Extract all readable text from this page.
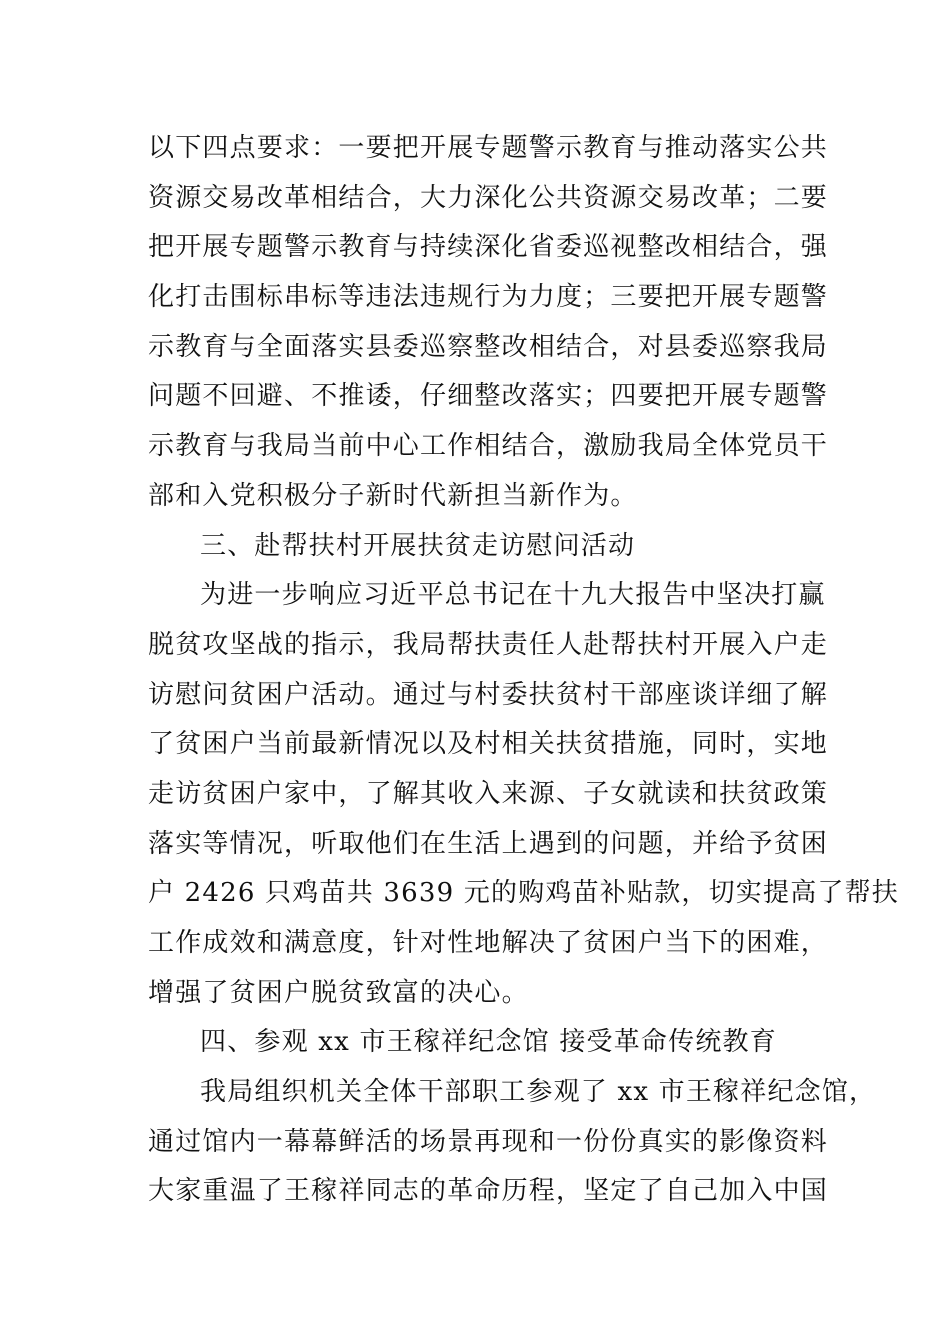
以下四点要求：一要把开展专题警示教育与推动落实公共
资源交易改革相结合，大力深化公共资源交易改革；二要
把开展专题警示教育与持续深化省委巡视整改相结合，强
化打击围标串标等违法违规行为力度；三要把开展专题警
示教育与全面落实县委巡察整改相结合，对县委巡察我局
问题不回避、不推诿，仔细整改落实；四要把开展专题警
示教育与我局当前中心工作相结合，激励我局全体党员干
部和入党积极分子新时代新担当新作为。
三、赴帮扶村开展扶贫走访慰问活动
为进一步响应习近平总书记在十九大报告中坚决打赢
脱贫攻坚战的指示，我局帮扶责任人赴帮扶村开展入户走
访慰问贫困户活动。通过与村委扶贫村干部座谈详细了解
了贫困户当前最新情况以及村相关扶贫措施，同时，实地
走访贫困户家中，了解其收入来源、子女就读和扶贫政策
落实等情况，听取他们在生活上遇到的问题，并给予贫困
户 2426 只鸡苗共 3639 元的购鸡苗补贴款，切实提高了帮扶
工作成效和满意度，针对性地解决了贫困户当下的困难，
增强了贫困户脱贫致富的决心。
四、参观 xx 市王稼祥纪念馆 接受革命传统教育
我局组织机关全体干部职工参观了 xx 市王稼祥纪念馆，
通过馆内一幕幕鲜活的场景再现和一份份真实的影像资料
大家重温了王稼祥同志的革命历程，坚定了自己加入中国
